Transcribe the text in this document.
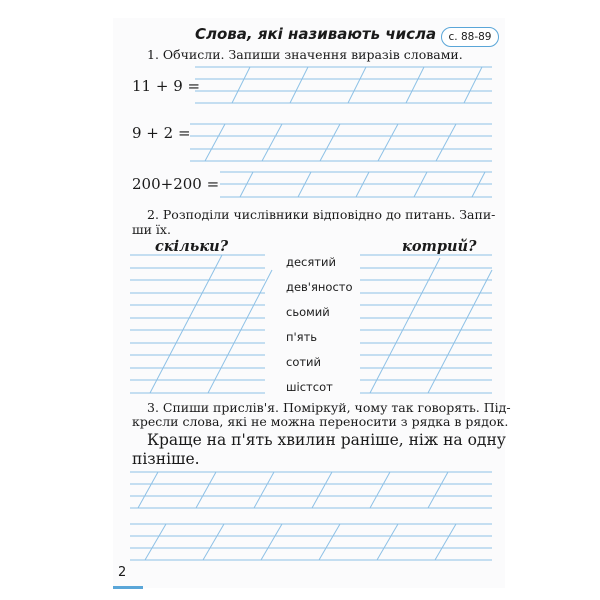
Слова, які називають числа	с. 88-89
1. Обчисли. Запиши значення виразів словами.
11 + 9 =
9 + 2 =
200+200 =
2. Розподіли числівники відповідно до питань. Запи-
ши їх.
скільки?	котрий?
десятий
дев'яносто
сьомий
п'ять
сотий
шістсот
3. Спиши прислів'я. Поміркуй, чому так говорять. Під-
кресли слова, які не можна переносити з рядка в рядок.
Краще на п'ять хвилин раніше, ніж на одну
пізніше.
2
